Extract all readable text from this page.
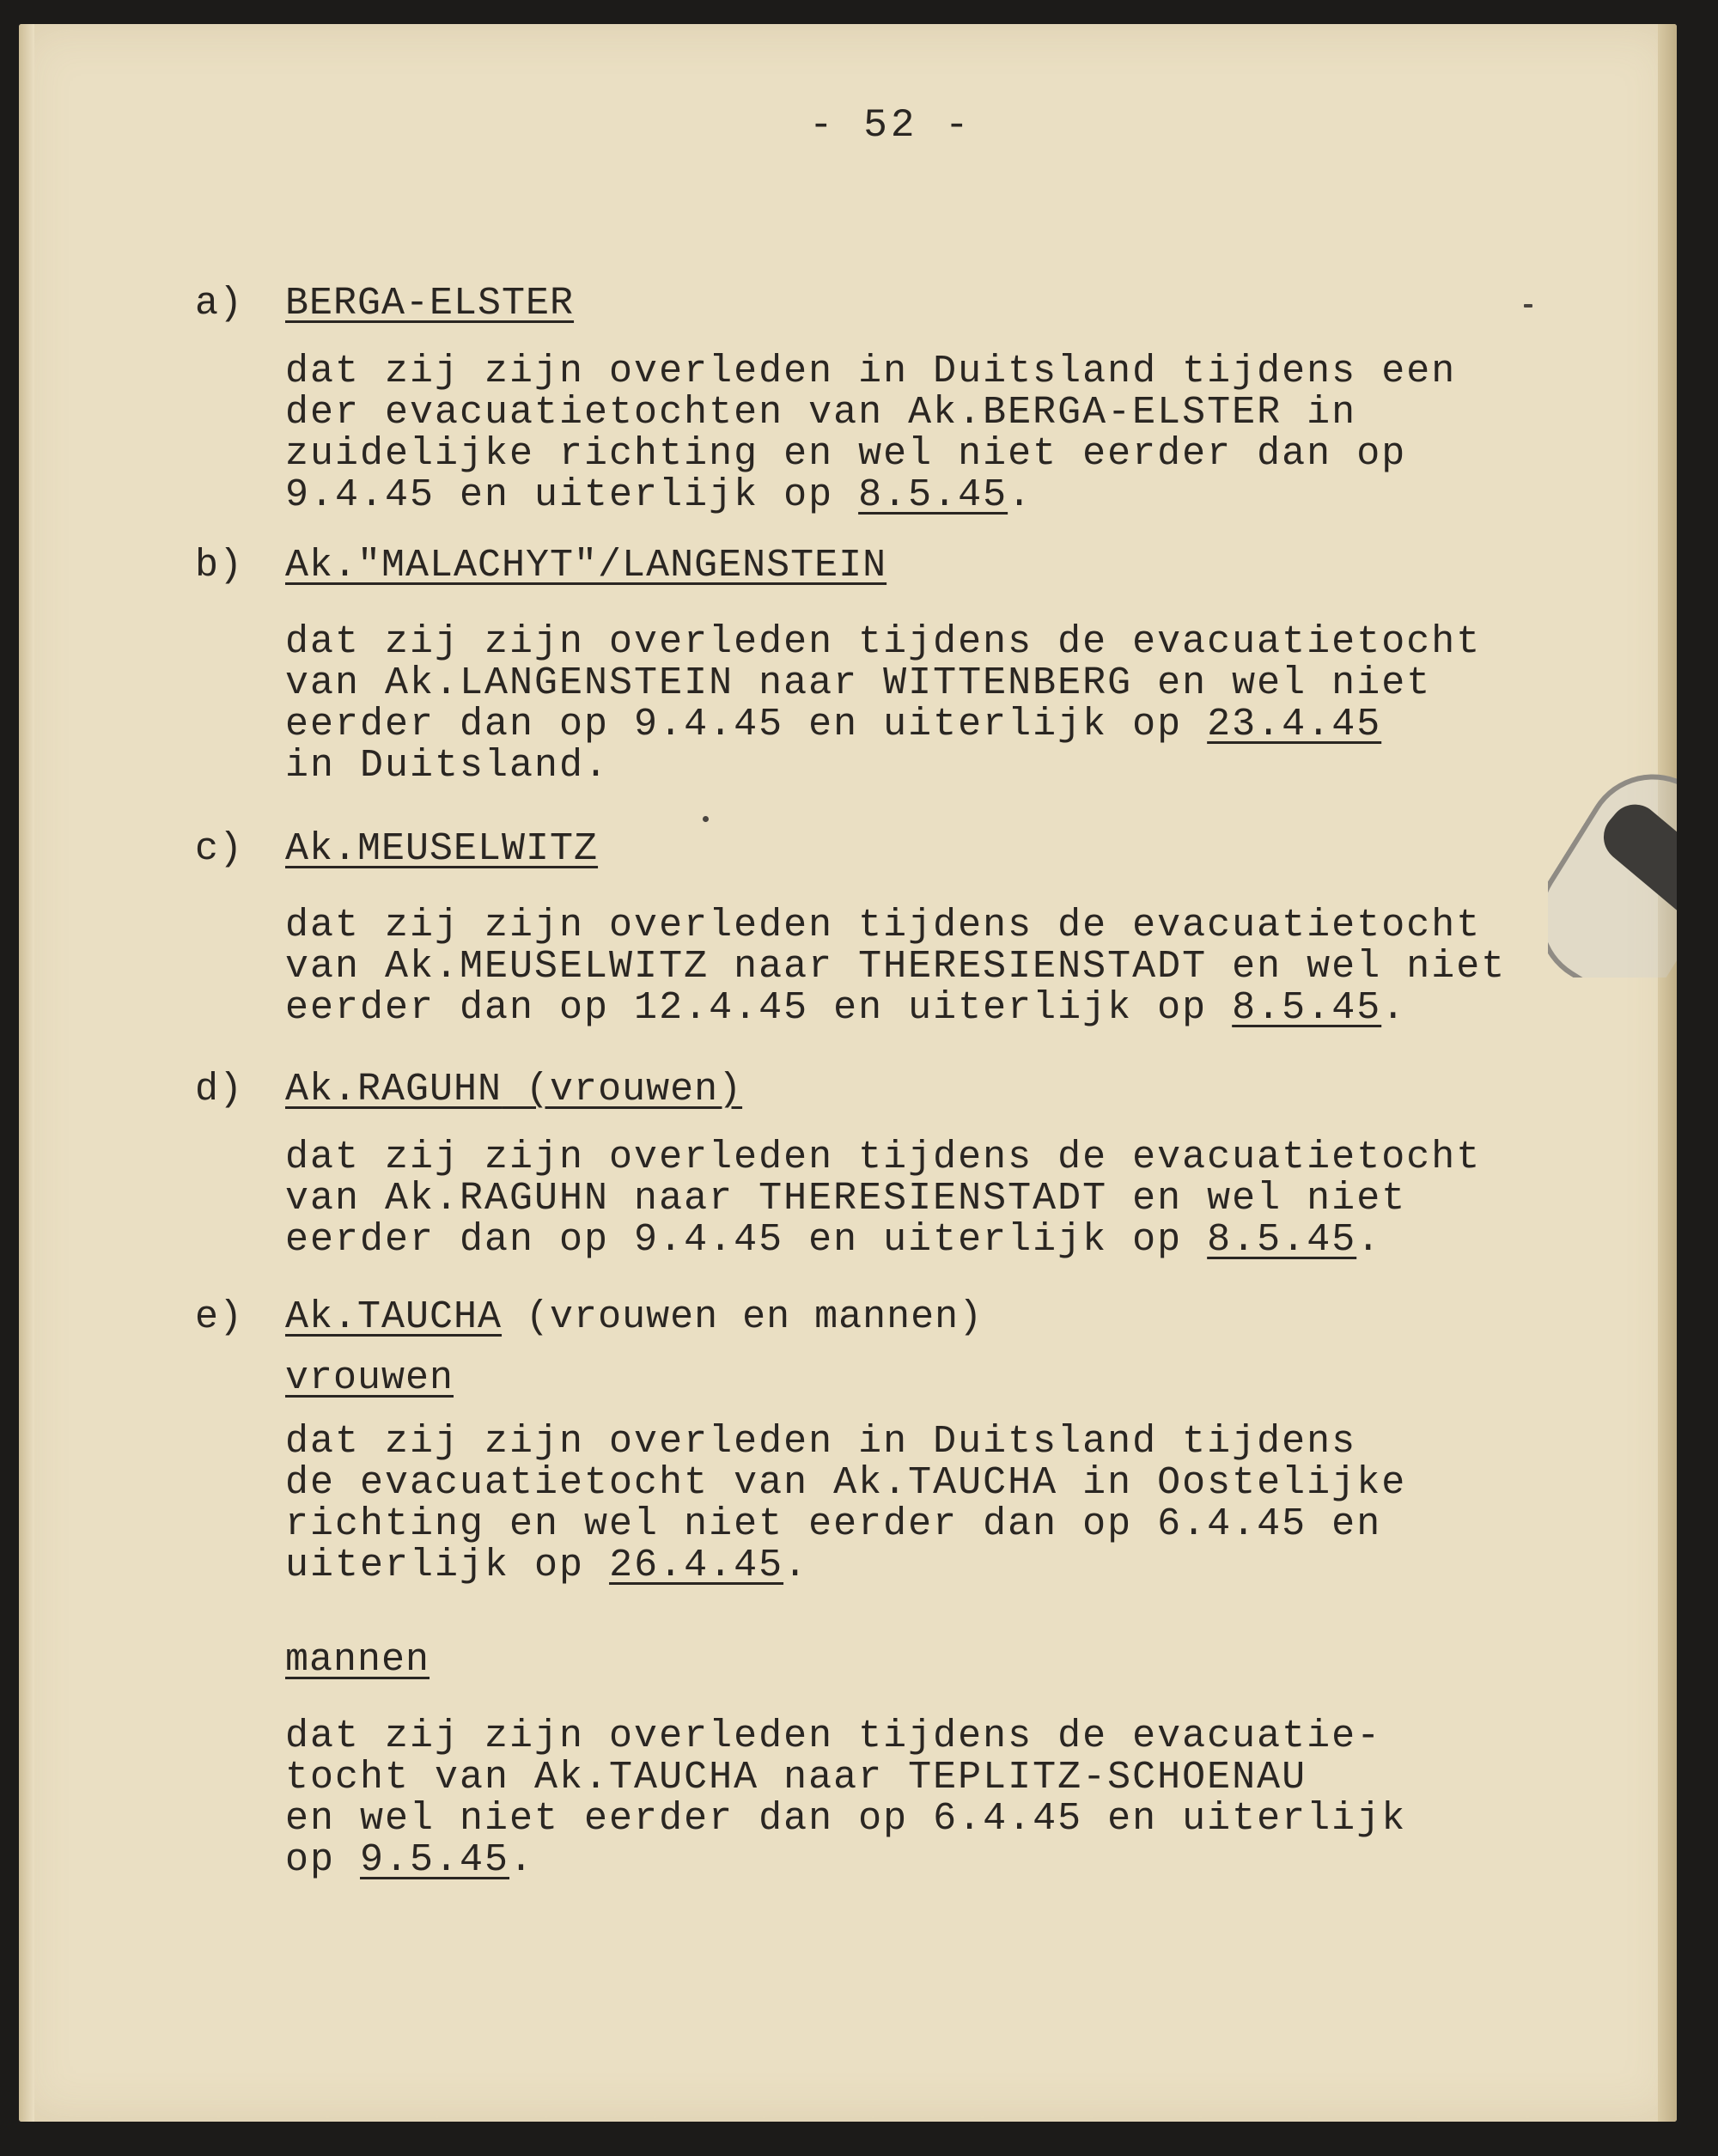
- 52 -
a) BERGA-ELSTER
dat zij zijn overleden in Duitsland tijdens een
der evacuatietochten van Ak.BERGA-ELSTER in
zuidelijke richting en wel niet eerder dan op
9.4.45 en uiterlijk op 8.5.45.
b) Ak."MALACHYT"/LANGENSTEIN
dat zij zijn overleden tijdens de evacuatietocht
van Ak.LANGENSTEIN naar WITTENBERG en wel niet
eerder dan op 9.4.45 en uiterlijk op 23.4.45
in Duitsland.
c) Ak.MEUSELWITZ
dat zij zijn overleden tijdens de evacuatietocht
van Ak.MEUSELWITZ naar THERESIENSTADT en wel niet
eerder dan op 12.4.45 en uiterlijk op 8.5.45.
d) Ak.RAGUHN (vrouwen)
dat zij zijn overleden tijdens de evacuatietocht
van Ak.RAGUHN naar THERESIENSTADT en wel niet
eerder dan op 9.4.45 en uiterlijk op 8.5.45.
e) Ak.TAUCHA (vrouwen en mannen)
vrouwen
dat zij zijn overleden in Duitsland tijdens
de evacuatietocht van Ak.TAUCHA in Oostelijke
richting en wel niet eerder dan op 6.4.45 en
uiterlijk op 26.4.45.
mannen
dat zij zijn overleden tijdens de evacuatie-
tocht van Ak.TAUCHA naar TEPLITZ-SCHOENAU
en wel niet eerder dan op 6.4.45 en uiterlijk
op 9.5.45.
